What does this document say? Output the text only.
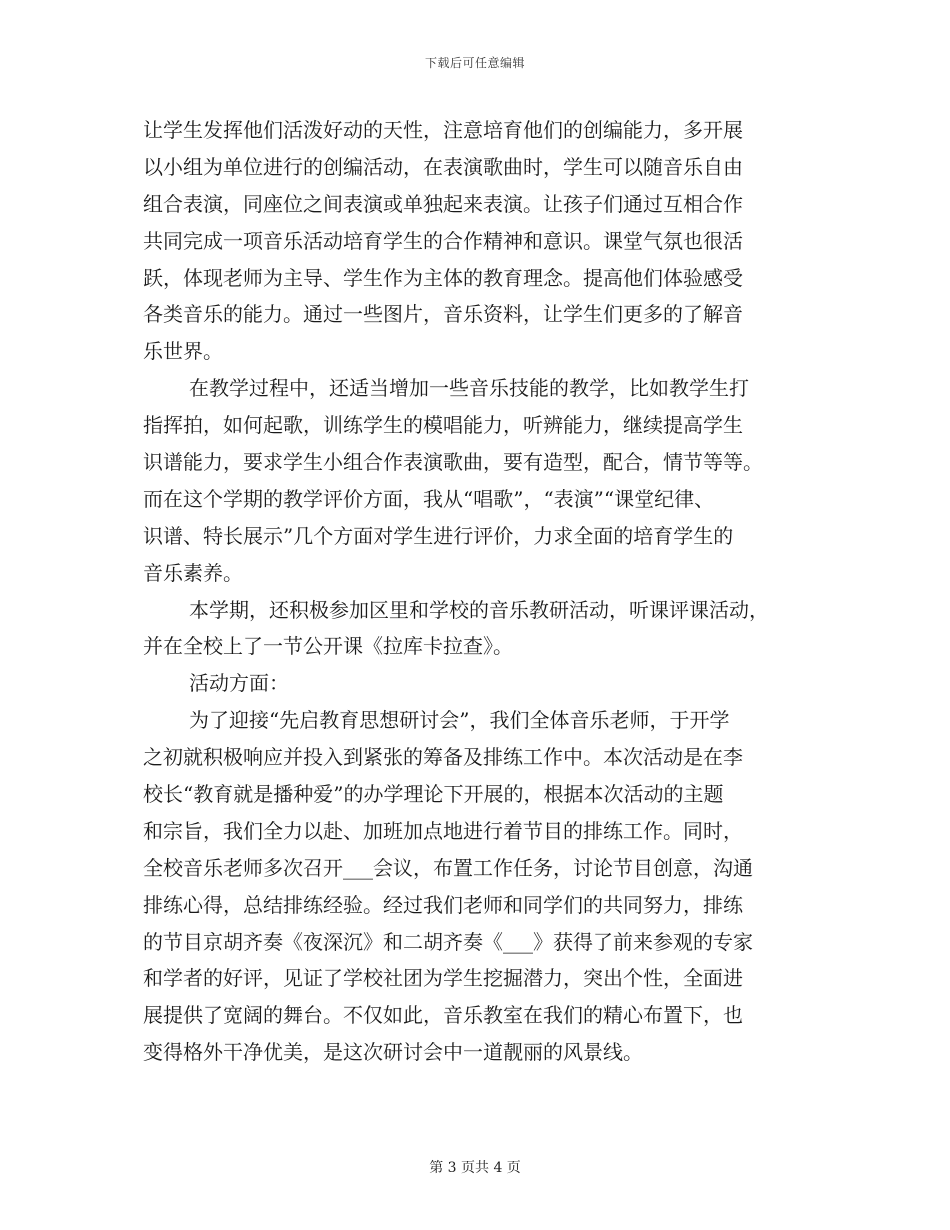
下载后可任意编辑
让学生发挥他们活泼好动的天性，注意培育他们的创编能力，多开展
以小组为单位进行的创编活动，在表演歌曲时，学生可以随音乐自由
组合表演，同座位之间表演或单独起来表演。让孩子们通过互相合作
共同完成一项音乐活动培育学生的合作精神和意识。课堂气氛也很活
跃，体现老师为主导、学生作为主体的教育理念。提高他们体验感受
各类音乐的能力。通过一些图片，音乐资料，让学生们更多的了解音
乐世界。
在教学过程中，还适当增加一些音乐技能的教学，比如教学生打
指挥拍，如何起歌，训练学生的模唱能力，听辨能力，继续提高学生
识谱能力，要求学生小组合作表演歌曲，要有造型，配合，情节等等。
而在这个学期的教学评价方面，我从“唱歌”，“表演”“课堂纪律、
识谱、特长展示”几个方面对学生进行评价，力求全面的培育学生的
音乐素养。
本学期，还积极参加区里和学校的音乐教研活动，听课评课活动，
并在全校上了一节公开课《拉库卡拉查》。
活动方面：
为了迎接“先启教育思想研讨会”，我们全体音乐老师，于开学
之初就积极响应并投入到紧张的筹备及排练工作中。本次活动是在李
校长“教育就是播种爱”的办学理论下开展的，根据本次活动的主题
和宗旨，我们全力以赴、加班加点地进行着节目的排练工作。同时，
全校音乐老师多次召开___会议，布置工作任务，讨论节目创意，沟通
排练心得，总结排练经验。经过我们老师和同学们的共同努力，排练
的节目京胡齐奏《夜深沉》和二胡齐奏《___》获得了前来参观的专家
和学者的好评，见证了学校社团为学生挖掘潜力，突出个性，全面进
展提供了宽阔的舞台。不仅如此，音乐教室在我们的精心布置下，也
变得格外干净优美，是这次研讨会中一道靓丽的风景线。
第 3 页共 4 页
